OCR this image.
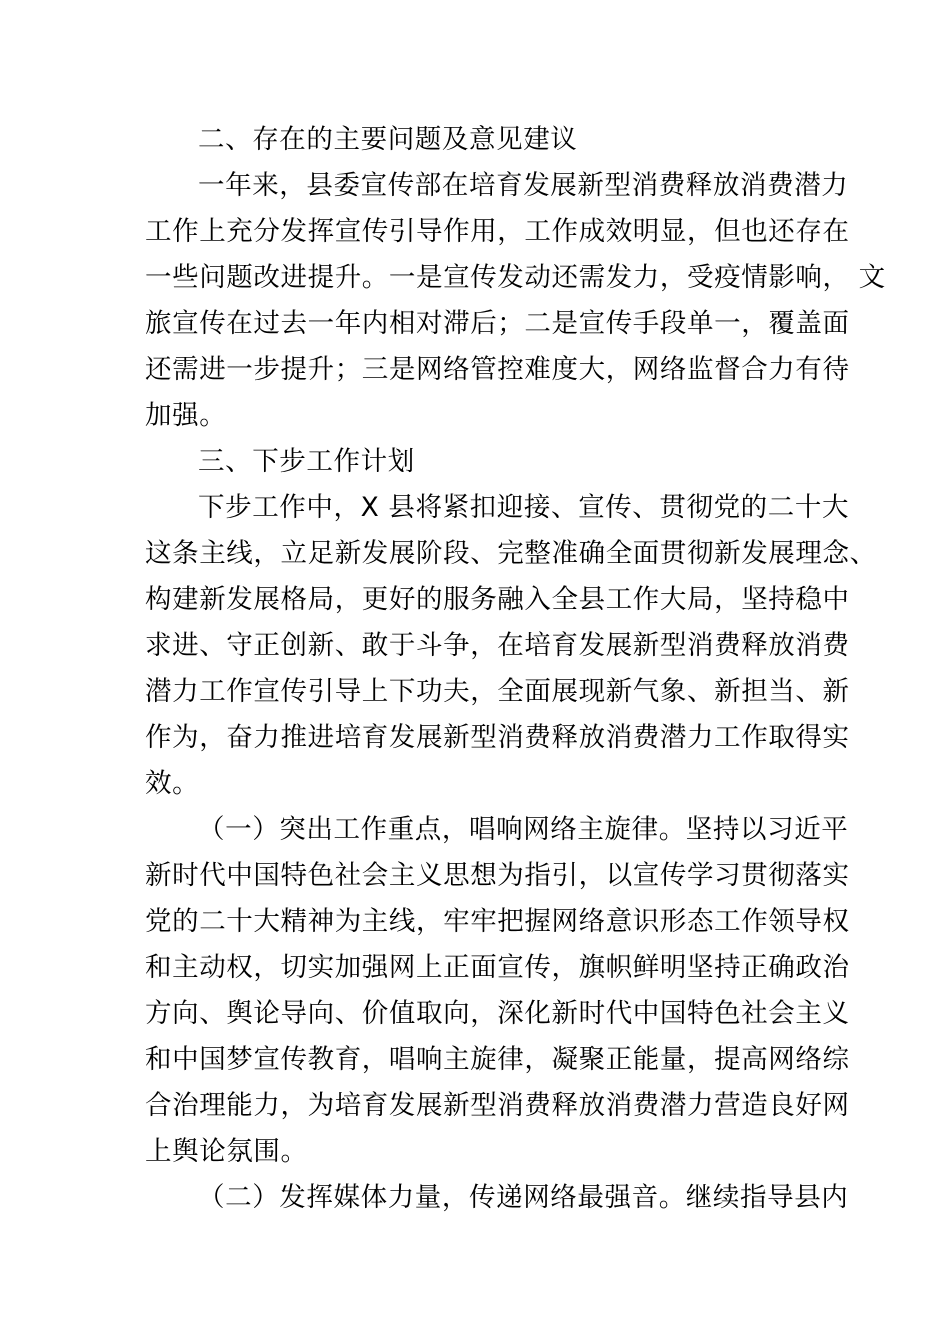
二、存在的主要问题及意见建议
一年来，县委宣传部在培育发展新型消费释放消费潜力
工作上充分发挥宣传引导作用，工作成效明显，但也还存在
一些问题改进提升。一是宣传发动还需发力，受疫情影响， 文
旅宣传在过去一年内相对滞后；二是宣传手段单一，覆盖面
还需进一步提升；三是网络管控难度大，网络监督合力有待
加强。
三、下步工作计划
下步工作中，X 县将紧扣迎接、宣传、贯彻党的二十大
这条主线，立足新发展阶段、完整准确全面贯彻新发展理念、
构建新发展格局，更好的服务融入全县工作大局，坚持稳中
求进、守正创新、敢于斗争，在培育发展新型消费释放消费
潜力工作宣传引导上下功夫，全面展现新气象、新担当、新
作为，奋力推进培育发展新型消费释放消费潜力工作取得实
效。
（一）突出工作重点，唱响网络主旋律。坚持以习近平
新时代中国特色社会主义思想为指引，以宣传学习贯彻落实
党的二十大精神为主线，牢牢把握网络意识形态工作领导权
和主动权，切实加强网上正面宣传，旗帜鲜明坚持正确政治
方向、舆论导向、价值取向，深化新时代中国特色社会主义
和中国梦宣传教育，唱响主旋律，凝聚正能量，提高网络综
合治理能力，为培育发展新型消费释放消费潜力营造良好网
上舆论氛围。
（二）发挥媒体力量，传递网络最强音。继续指导县内
